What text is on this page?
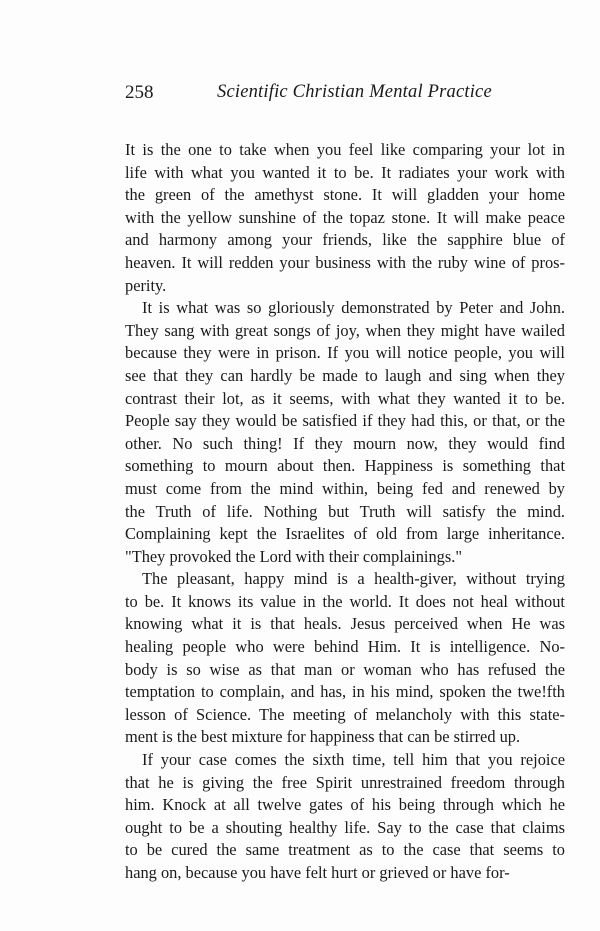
258	Scientific Christian Mental Practice
It is the one to take when you feel like comparing your lot in
life with what you wanted it to be. It radiates your work with
the green of the amethyst stone. It will gladden your home
with the yellow sunshine of the topaz stone. It will make peace
and harmony among your friends, like the sapphire blue of
heaven. It will redden your business with the ruby wine of pros-
perity.
It is what was so gloriously demonstrated by Peter and John.
They sang with great songs of joy, when they might have wailed
because they were in prison. If you will notice people, you will
see that they can hardly be made to laugh and sing when they
contrast their lot, as it seems, with what they wanted it to be.
People say they would be satisfied if they had this, or that, or the
other. No such thing! If they mourn now, they would find
something to mourn about then. Happiness is something that
must come from the mind within, being fed and renewed by
the Truth of life. Nothing but Truth will satisfy the mind.
Complaining kept the Israelites of old from large inheritance.
"They provoked the Lord with their complainings."
The pleasant, happy mind is a health-giver, without trying
to be. It knows its value in the world. It does not heal without
knowing what it is that heals. Jesus perceived when He was
healing people who were behind Him. It is intelligence. No-
body is so wise as that man or woman who has refused the
temptation to complain, and has, in his mind, spoken the twe!fth
lesson of Science. The meeting of melancholy with this state-
ment is the best mixture for happiness that can be stirred up.
If your case comes the sixth time, tell him that you rejoice
that he is giving the free Spirit unrestrained freedom through
him. Knock at all twelve gates of his being through which he
ought to be a shouting healthy life. Say to the case that claims
to be cured the same treatment as to the case that seems to
hang on, because you have felt hurt or grieved or have for-
